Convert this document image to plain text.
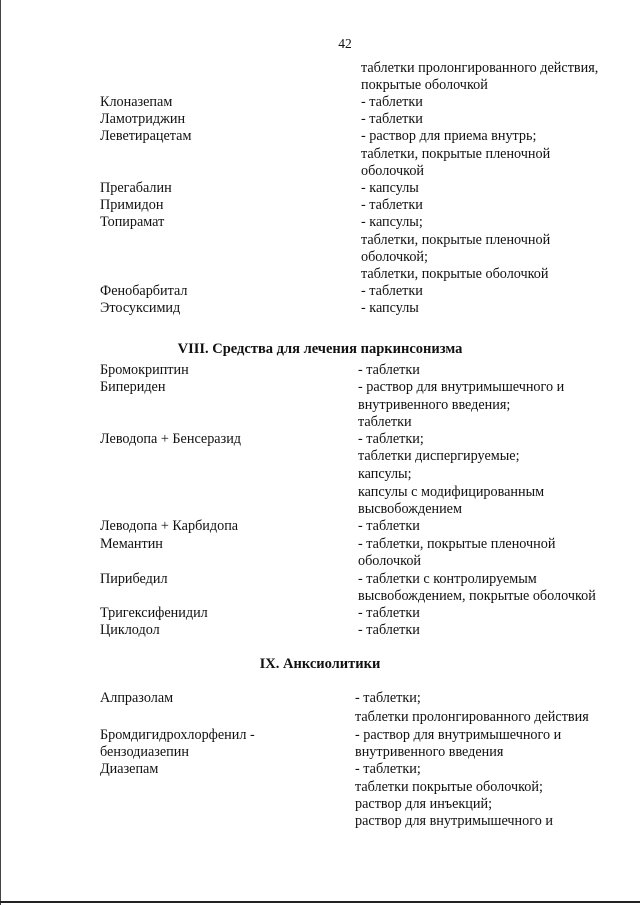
42
таблетки пролонгированного действия,
покрытые оболочкой
Клоназепам	- таблетки
Ламотриджин	- таблетки
Леветирацетам	- раствор для приема внутрь;
таблетки, покрытые пленочной
оболочкой
Прегабалин	- капсулы
Примидон	- таблетки
Топирамат	- капсулы;
таблетки, покрытые пленочной
оболочкой;
таблетки, покрытые оболочкой
Фенобарбитал	- таблетки
Этосуксимид	- капсулы
VIII. Средства для лечения паркинсонизма
Бромокриптин	- таблетки
Бипериден	- раствор для внутримышечного и
внутривенного введения;
таблетки
Леводопа + Бенсеразид	- таблетки;
таблетки диспергируемые;
капсулы;
капсулы с модифицированным
высвобождением
Леводопа + Карбидопа	- таблетки
Мемантин	- таблетки, покрытые пленочной
оболочкой
Пирибедил	- таблетки с контролируемым
высвобождением, покрытые оболочкой
Тригексифенидил	- таблетки
Циклодол	- таблетки
IX. Анксиолитики
Алпразолам	- таблетки;
таблетки пролонгированного действия
Бромдигидрохлорфенил -	- раствор для внутримышечного и
бензодиазепин	внутривенного введения
Диазепам	- таблетки;
таблетки покрытые оболочкой;
раствор для инъекций;
раствор для внутримышечного и
